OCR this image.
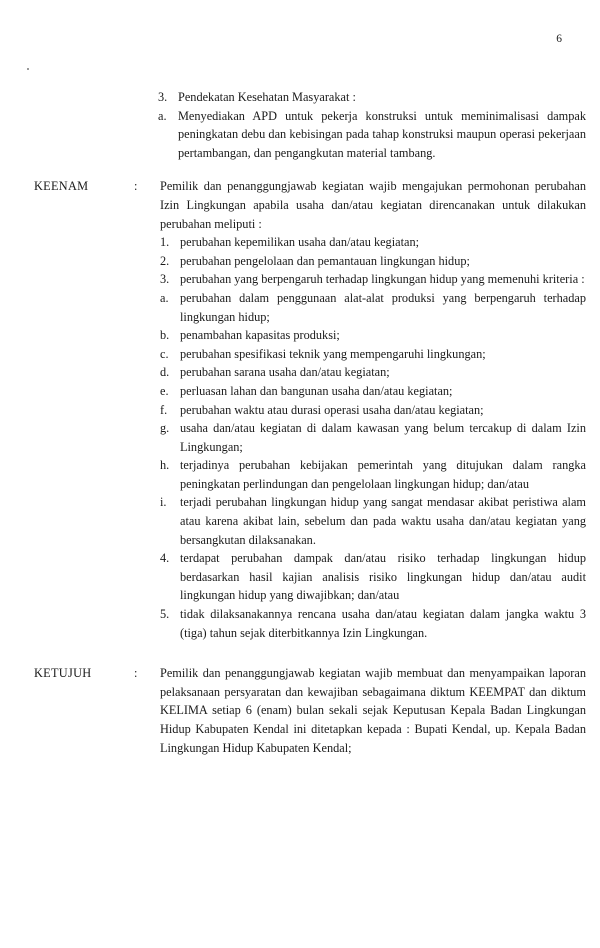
6
3. Pendekatan Kesehatan Masyarakat :
a. Menyediakan APD untuk pekerja konstruksi untuk meminimalisasi dampak peningkatan debu dan kebisingan pada tahap konstruksi maupun operasi pekerjaan pertambangan, dan pengangkutan material tambang.
KEENAM	:	Pemilik dan penanggungjawab kegiatan wajib mengajukan permohonan perubahan Izin Lingkungan apabila usaha dan/atau kegiatan direncanakan untuk dilakukan perubahan meliputi :

1. perubahan kepemilikan usaha dan/atau kegiatan;
2. perubahan pengelolaan dan pemantauan lingkungan hidup;
3. perubahan yang berpengaruh terhadap lingkungan hidup yang memenuhi kriteria :
a. perubahan dalam penggunaan alat-alat produksi yang berpengaruh terhadap lingkungan hidup;
b. penambahan kapasitas produksi;
c. perubahan spesifikasi teknik yang mempengaruhi lingkungan;
d. perubahan sarana usaha dan/atau kegiatan;
e. perluasan lahan dan bangunan usaha dan/atau kegiatan;
f.	perubahan waktu atau durasi operasi usaha dan/atau kegiatan;
g. usaha dan/atau kegiatan di dalam kawasan yang belum tercakup di dalam Izin Lingkungan;
h. terjadinya perubahan kebijakan pemerintah yang ditujukan dalam rangka peningkatan perlindungan dan pengelolaan lingkungan hidup; dan/atau
i.	terjadi perubahan lingkungan hidup yang sangat mendasar akibat peristiwa alam atau karena akibat lain, sebelum dan pada waktu usaha dan/atau kegiatan yang bersangkutan dilaksanakan.
4. terdapat perubahan dampak dan/atau risiko terhadap lingkungan hidup berdasarkan hasil kajian analisis risiko lingkungan hidup dan/atau audit lingkungan hidup yang diwajibkan; dan/atau
5. tidak dilaksanakannya rencana usaha dan/atau kegiatan dalam jangka waktu 3 (tiga) tahun sejak diterbitkannya Izin Lingkungan.
KETUJUH	:	Pemilik dan penanggungjawab kegiatan wajib membuat dan menyampaikan laporan pelaksanaan persyaratan dan kewajiban sebagaimana diktum KEEMPAT dan diktum KELIMA setiap 6 (enam) bulan sekali sejak Keputusan Kepala Badan Lingkungan Hidup Kabupaten Kendal ini ditetapkan kepada : Bupati Kendal, up. Kepala Badan Lingkungan Hidup Kabupaten Kendal;
